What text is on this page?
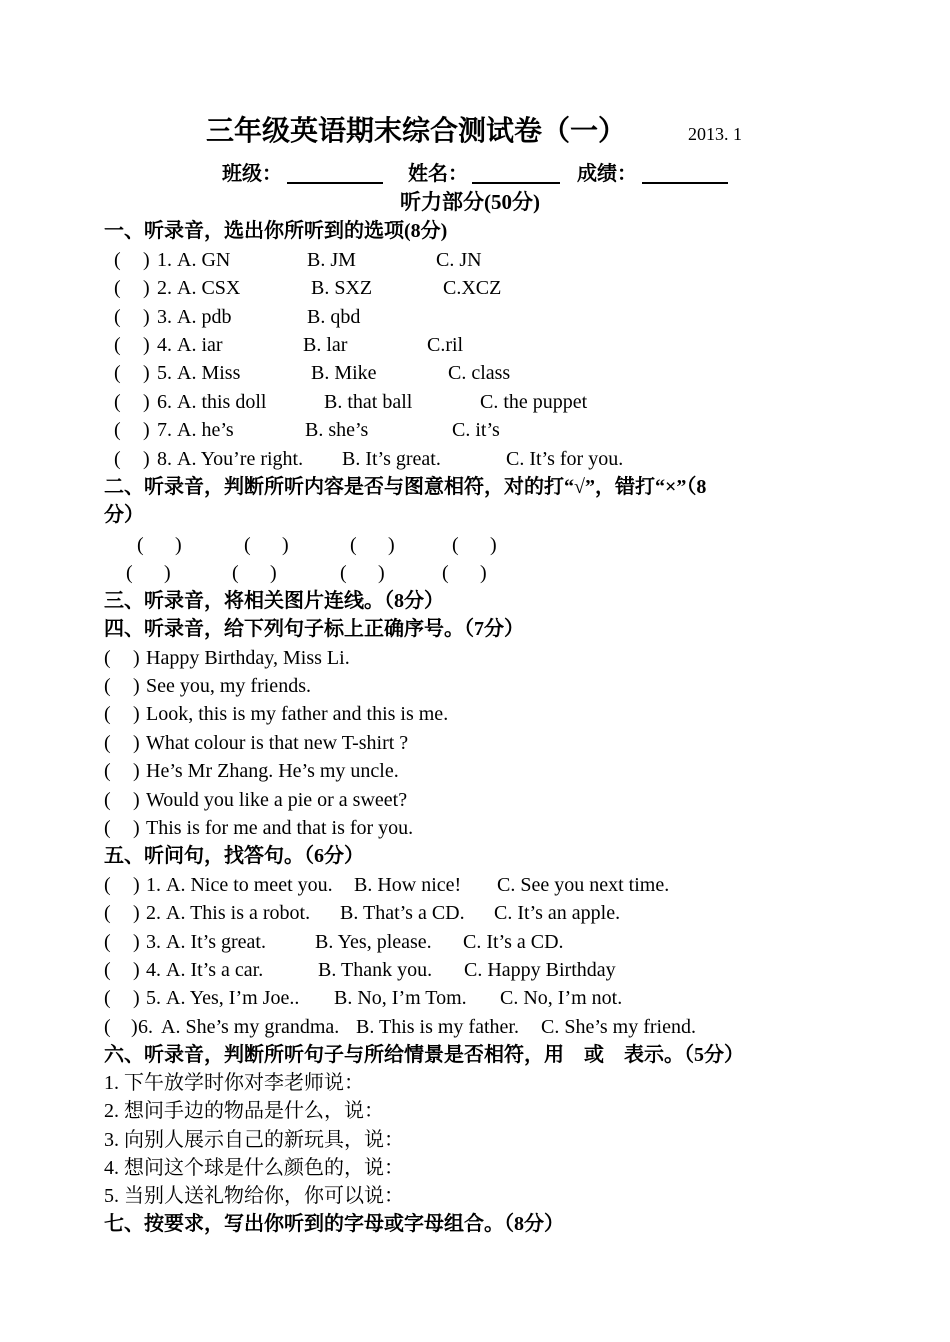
三年级英语期末综合测试卷（一）	2013. 1
班级：	姓名：	成绩：
听力部分(50分)
一、听录音，选出你所听到的选项(8分)
( ) 1. A. GN	B. JM	C. JN
( ) 2. A. CSX	B. SXZ	C.XCZ
( ) 3. A. pdb	B. qbd
( ) 4. A. iar	B. lar	C.ril
( ) 5. A. Miss	B. Mike	C. class
( ) 6. A. this doll	B. that ball	C. the puppet
( ) 7. A. he’s	B. she’s	C. it’s
( ) 8. A. You’re right. B. It’s great.	C. It’s for you.
二、听录音，判断所听内容是否与图意相符，对的打“√”，错打“×”（8
分）
( )	( )	( )	( )
( )	( )	( )	( )
三、听录音，将相关图片连线。（8分）
四、听录音，给下列句子标上正确序号。（7分）
( ) Happy Birthday, Miss Li.
( ) See you, my friends.
( ) Look, this is my father and this is me.
( ) What colour is that new T-shirt ?
( ) He’s Mr Zhang. He’s my uncle.
( ) Would you like a pie or a sweet?
( ) This is for me and that is for you.
五、听问句，找答句。（6分）
( ) 1. A. Nice to meet you. B. How nice! C. See you next time.
( ) 2. A. This is a robot. B. That’s a CD. C. It’s an apple.
( ) 3. A. It’s great. B. Yes, please. C. It’s a CD.
( ) 4. A. It’s a car.	B. Thank you. C. Happy Birthday
( ) 5. A. Yes, I’m Joe.. B. No, I’m Tom. C. No, I’m not.
( ) 6. A. She’s my grandma. B. This is my father. C. She’s my friend.
六、听录音，判断所听句子与所给情景是否相符，用    或    表示。（5分）
1. 下午放学时你对李老师说：
2. 想问手边的物品是什么，说：
3. 向别人展示自己的新玩具，说：
4. 想问这个球是什么颜色的，说：
5. 当别人送礼物给你，你可以说：
七、按要求，写出你听到的字母或字母组合。（8分）
